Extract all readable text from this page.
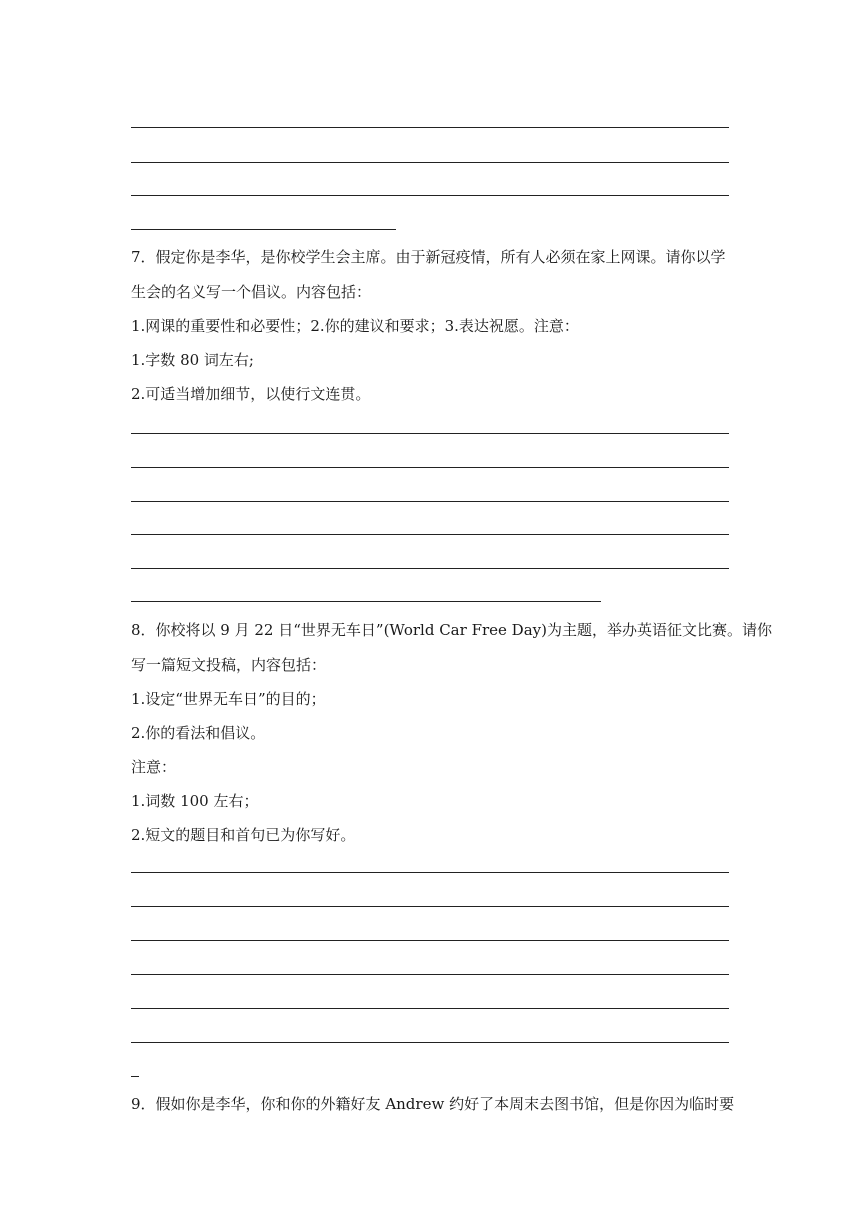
7．假定你是李华，是你校学生会主席。由于新冠疫情，所有人必须在家上网课。请你以学
生会的名义写一个倡议。内容包括：
1.网课的重要性和必要性；2.你的建议和要求；3.表达祝愿。注意：
1.字数 80 词左右;
2.可适当增加细节，以使行文连贯。
8．你校将以 9 月 22 日“世界无车日”(World Car Free Day)为主题，举办英语征文比赛。请你
写一篇短文投稿，内容包括：
1.设定“世界无车日”的目的；
2.你的看法和倡议。
注意：
1.词数 100 左右；
2.短文的题目和首句已为你写好。
9．假如你是李华，你和你的外籍好友 Andrew 约好了本周末去图书馆，但是你因为临时要
